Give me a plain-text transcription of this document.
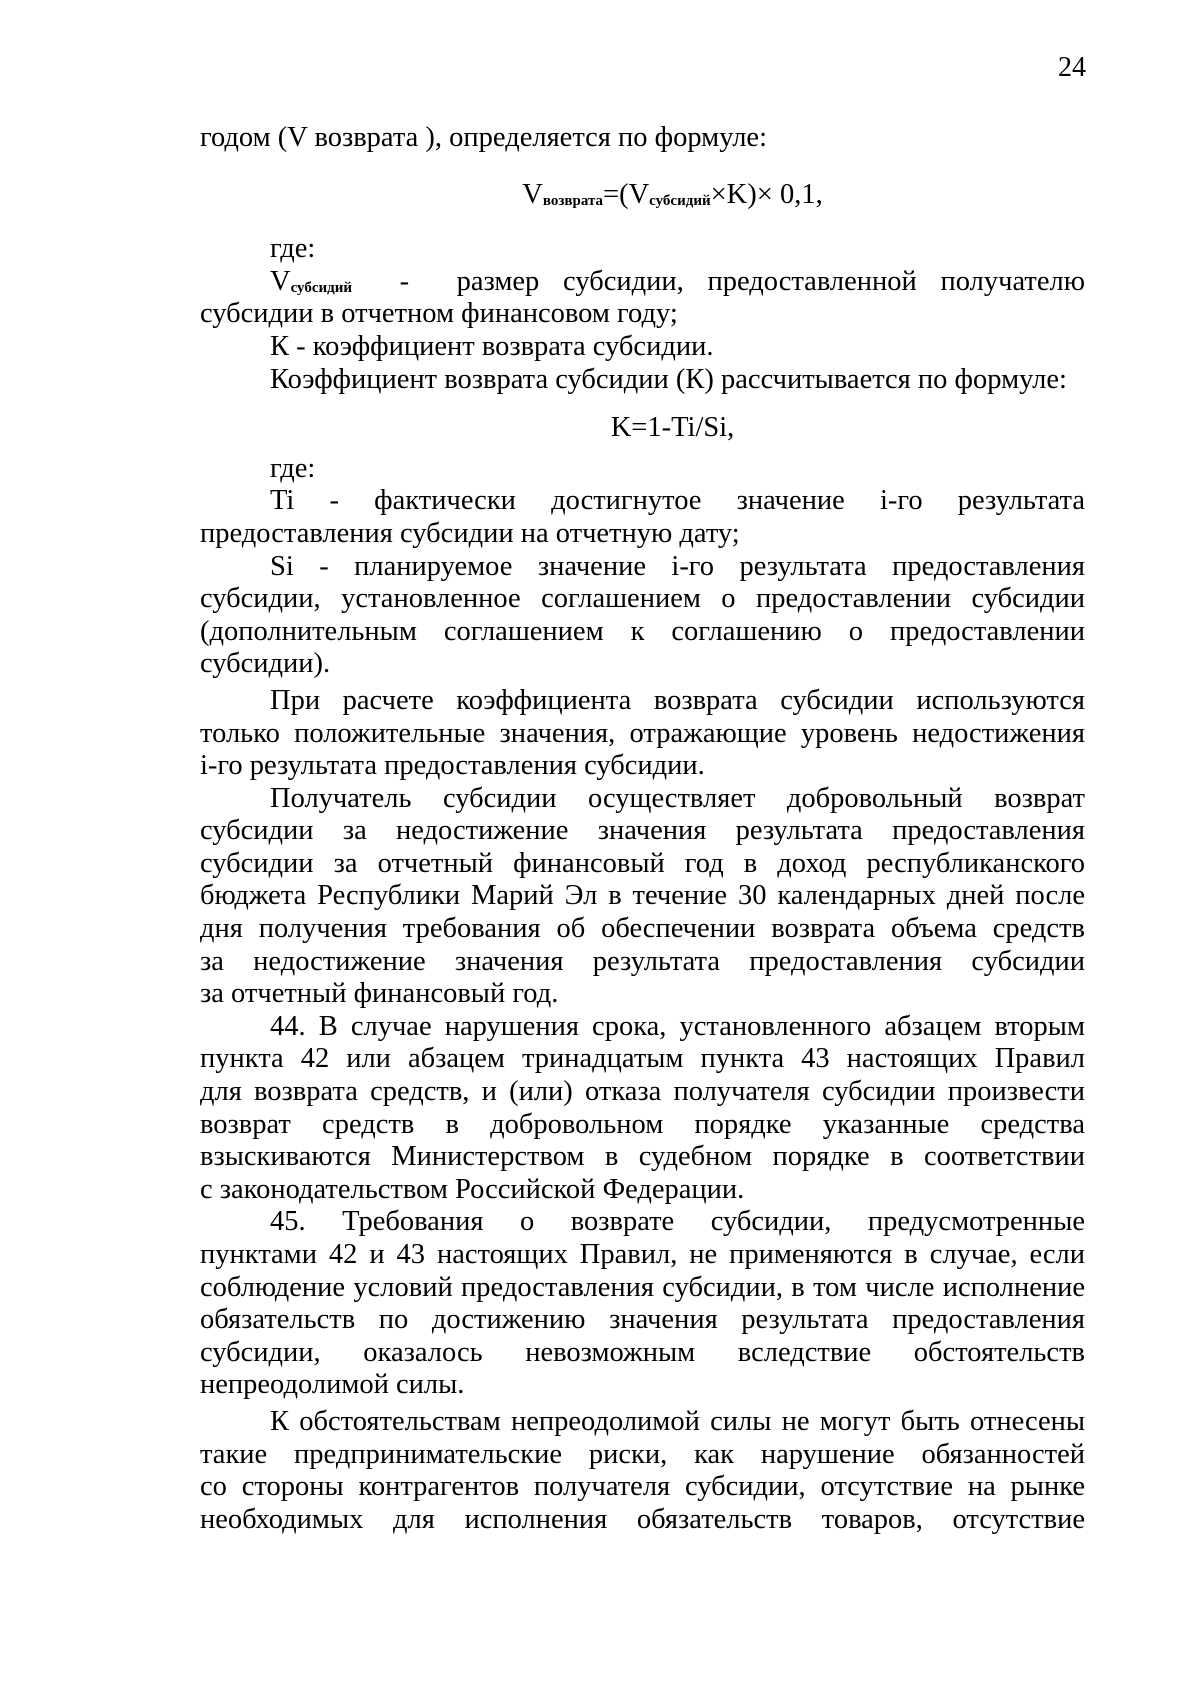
24
годом (V возврата ), определяется по формуле:
Vвозврата=(Vсубсидий×K)× 0,1,
где:
Vсубсидий - размер субсидии, предоставленной получателю
субсидии в отчетном финансовом году;
К - коэффициент возврата субсидии.
Коэффициент возврата субсидии (К) рассчитывается по формуле:
K=1-Ti/Si,
где:
Ti - фактически достигнутое значение i-го результата
предоставления субсидии на отчетную дату;
Si - планируемое значение i-го результата предоставления
субсидии, установленное соглашением о предоставлении субсидии
(дополнительным соглашением к соглашению о предоставлении
субсидии).
При расчете коэффициента возврата субсидии используются
только положительные значения, отражающие уровень недостижения
i-го результата предоставления субсидии.
Получатель субсидии осуществляет добровольный возврат
субсидии за недостижение значения результата предоставления
субсидии за отчетный финансовый год в доход республиканского
бюджета Республики Марий Эл в течение 30 календарных дней после
дня получения требования об обеспечении возврата объема средств
за недостижение значения результата предоставления субсидии
за отчетный финансовый год.
44. В случае нарушения срока, установленного абзацем вторым
пункта 42 или абзацем тринадцатым пункта 43 настоящих Правил
для возврата средств, и (или) отказа получателя субсидии произвести
возврат средств в добровольном порядке указанные средства
взыскиваются Министерством в судебном порядке в соответствии
с законодательством Российской Федерации.
45. Требования о возврате субсидии, предусмотренные
пунктами 42 и 43 настоящих Правил, не применяются в случае, если
соблюдение условий предоставления субсидии, в том числе исполнение
обязательств по достижению значения результата предоставления
субсидии, оказалось невозможным вследствие обстоятельств
непреодолимой силы.
К обстоятельствам непреодолимой силы не могут быть отнесены
такие предпринимательские риски, как нарушение обязанностей
со стороны контрагентов получателя субсидии, отсутствие на рынке
необходимых для исполнения обязательств товаров, отсутствие
